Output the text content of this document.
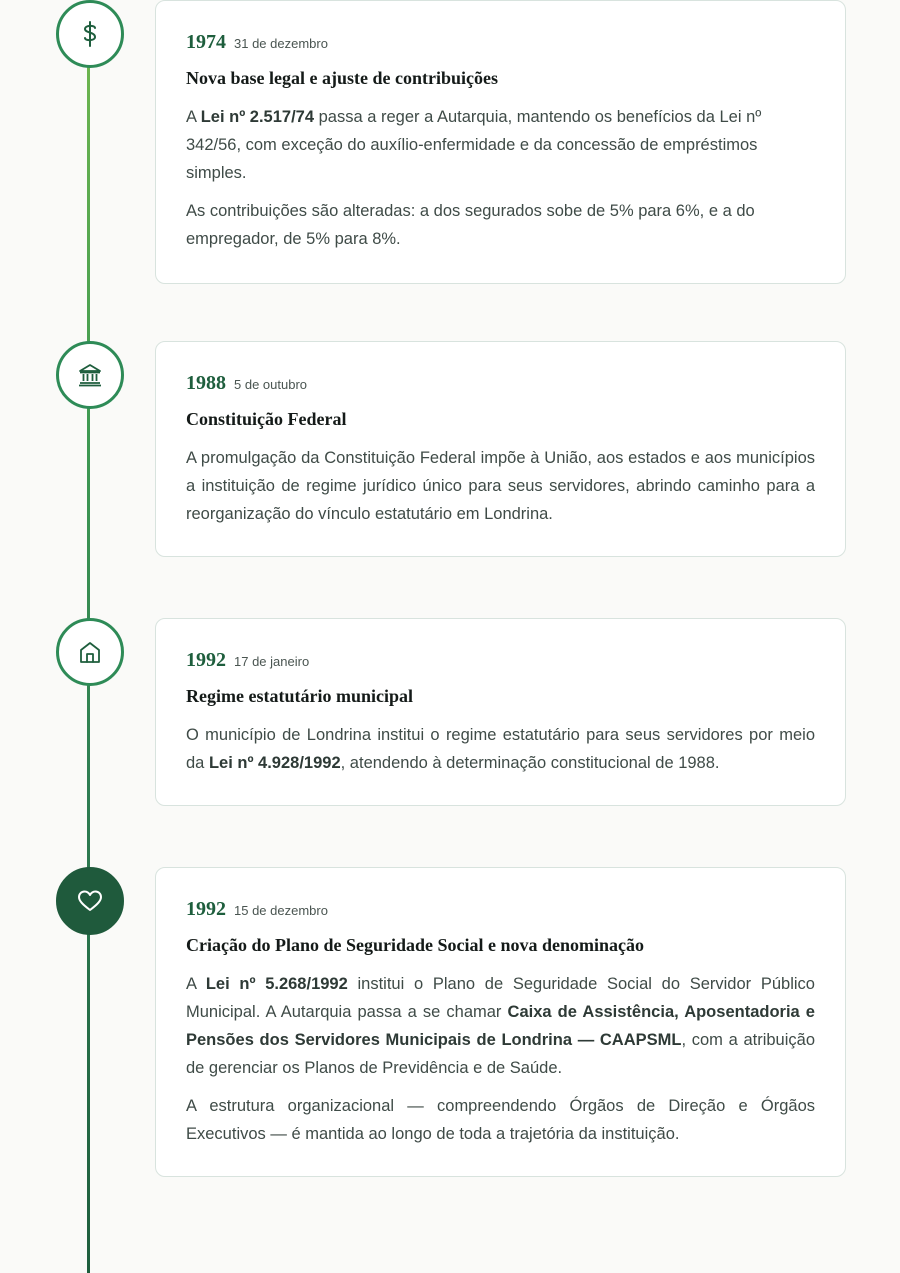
1974 31 de dezembro
Nova base legal e ajuste de contribuições

A Lei nº 2.517/74 passa a reger a Autarquia, mantendo os benefícios da Lei nº 342/56, com exceção do auxílio-enfermidade e da concessão de empréstimos simples.

As contribuições são alteradas: a dos segurados sobe de 5% para 6%, e a do empregador, de 5% para 8%.

1988 5 de outubro
Constituição Federal

A promulgação da Constituição Federal impõe à União, aos estados e aos municípios a instituição de regime jurídico único para seus servidores, abrindo caminho para a reorganização do vínculo estatutário em Londrina.

1992 17 de janeiro
Regime estatutário municipal

O município de Londrina institui o regime estatutário para seus servidores por meio da Lei nº 4.928/1992, atendendo à determinação constitucional de 1988.

1992 15 de dezembro
Criação do Plano de Seguridade Social e nova denominação

A Lei nº 5.268/1992 institui o Plano de Seguridade Social do Servidor Público Municipal. A Autarquia passa a se chamar Caixa de Assistência, Aposentadoria e Pensões dos Servidores Municipais de Londrina — CAAPSML, com a atribuição de gerenciar os Planos de Previdência e de Saúde.

A estrutura organizacional — compreendendo Órgãos de Direção e Órgãos Executivos — é mantida ao longo de toda a trajetória da instituição.
